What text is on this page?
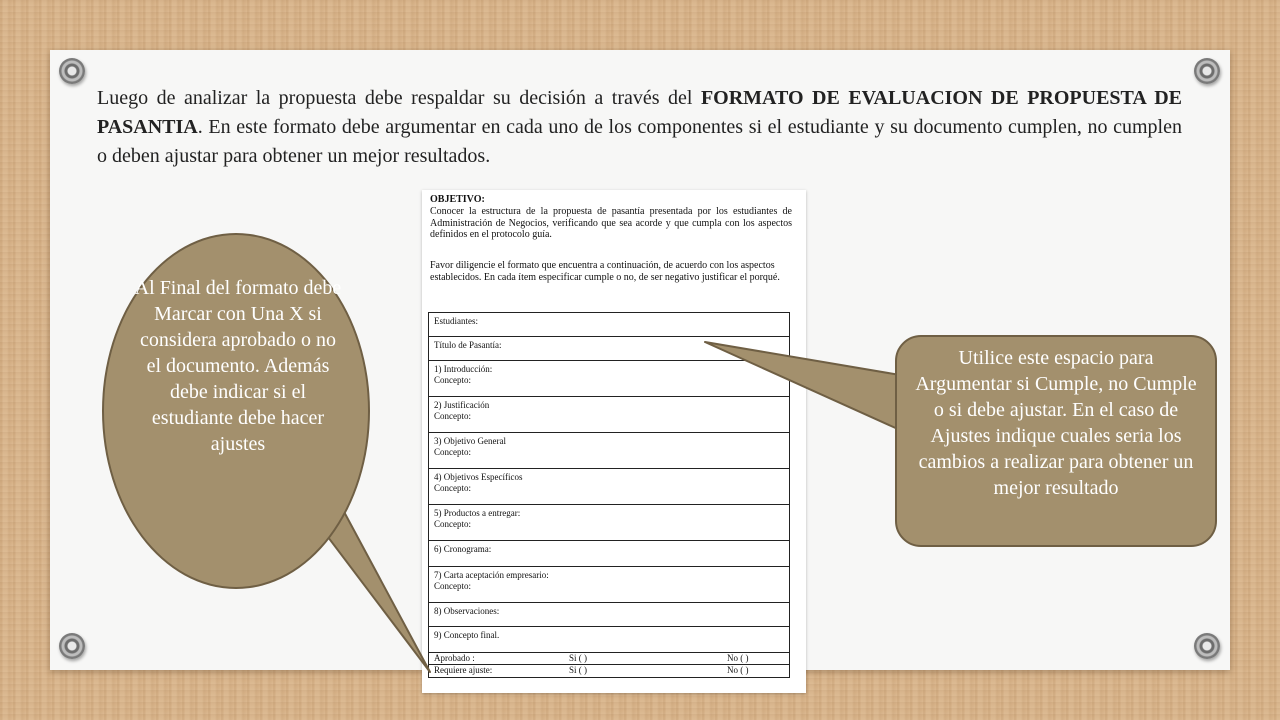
Luego de analizar la propuesta debe respaldar su decisión a través del FORMATO DE EVALUACION DE PROPUESTA DE PASANTIA. En este formato debe argumentar en cada uno de los componentes si el estudiante y su documento cumplen, no cumplen o deben ajustar para obtener un mejor resultados.

OBJETIVO:

Conocer la estructura de la propuesta de pasantía presentada por los estudiantes de Administración de Negocios, verificando que sea acorde y que cumpla con los aspectos definidos en el protocolo guía.

Favor diligencie el formato que encuentra a continuación, de acuerdo con los aspectos establecidos. En cada ítem especificar cumple o no, de ser negativo justificar el porqué.

Estudiantes:
Título de Pasantía:
1) Introducción:
Concepto:
2) Justificación
Concepto:
3) Objetivo General
Concepto:
4) Objetivos Específicos
Concepto:
5) Productos a entregar:
Concepto:
6) Cronograma:
7) Carta aceptación empresario:
Concepto:
8) Observaciones:
9) Concepto final.
Aprobado :	Si ( )	No ( )
Requiere ajuste:	Si ( )	No ( )
Al Final del formato debe Marcar con Una X si considera aprobado o no el documento. Además debe indicar si el estudiante debe hacer ajustes
Utilice este espacio para Argumentar si Cumple, no Cumple o si debe ajustar. En el caso de Ajustes indique cuales seria los cambios a realizar para obtener un mejor resultado
